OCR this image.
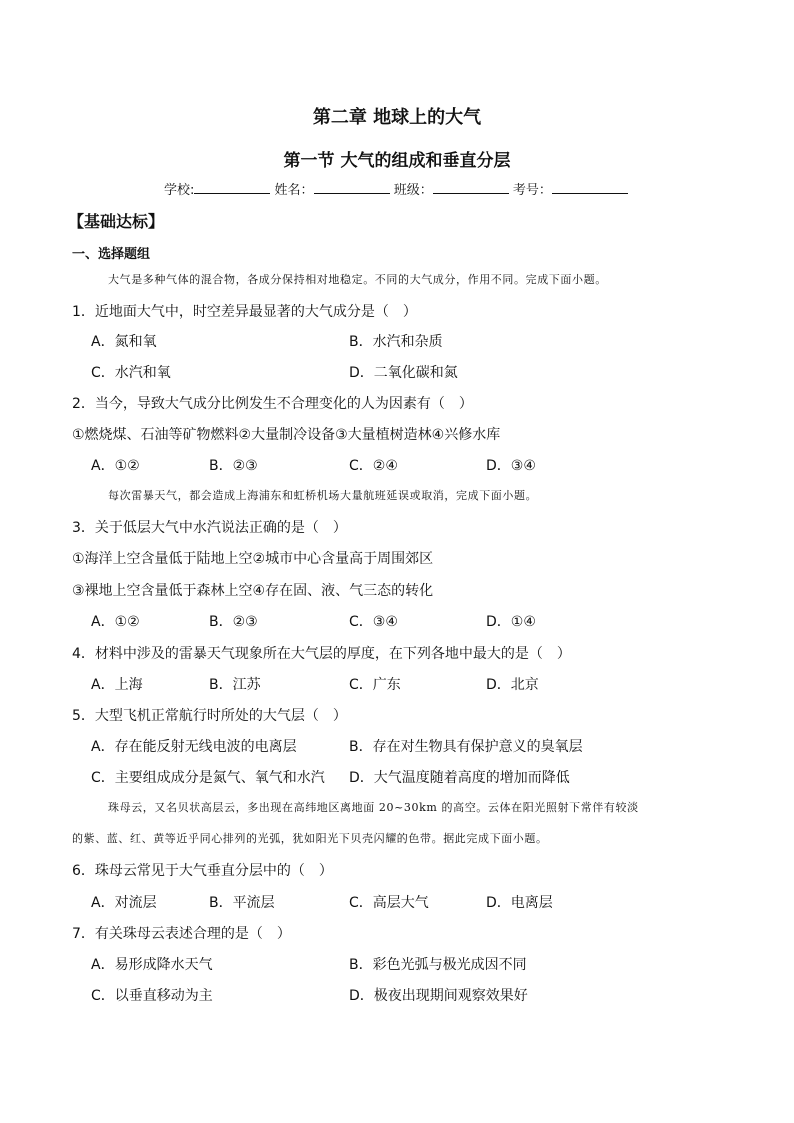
第二章 地球上的大气
第一节 大气的组成和垂直分层
学校:	姓名：	班级：	考号：
【基础达标】
一、选择题组
大气是多种气体的混合物，各成分保持相对地稳定。不同的大气成分，作用不同。完成下面小题。
1．近地面大气中，时空差异最显著的大气成分是（　）
A．氮和氧	B．水汽和杂质
C．水汽和氧	D．二氧化碳和氮
2．当今，导致大气成分比例发生不合理变化的人为因素有（　）
①燃烧煤、石油等矿物燃料②大量制冷设备③大量植树造林④兴修水库
A．①②	B．②③	C．②④	D．③④
每次雷暴天气，都会造成上海浦东和虹桥机场大量航班延误或取消，完成下面小题。
3．关于低层大气中水汽说法正确的是（　）
①海洋上空含量低于陆地上空②城市中心含量高于周围郊区
③裸地上空含量低于森林上空④存在固、液、气三态的转化
A．①②	B．②③	C．③④	D．①④
4．材料中涉及的雷暴天气现象所在大气层的厚度，在下列各地中最大的是（　）
A．上海	B．江苏	C．广东	D．北京
5．大型飞机正常航行时所处的大气层（　）
A．存在能反射无线电波的电离层	B．存在对生物具有保护意义的臭氧层
C．主要组成成分是氮气、氧气和水汽 D．大气温度随着高度的增加而降低
珠母云，又名贝状高层云，多出现在高纬地区离地面 20~30km 的高空。云体在阳光照射下常伴有较淡
的紫、蓝、红、黄等近乎同心排列的光弧，犹如阳光下贝壳闪耀的色带。据此完成下面小题。
6．珠母云常见于大气垂直分层中的（　）
A．对流层	B．平流层	C．高层大气	D．电离层
7．有关珠母云表述合理的是（　）
A．易形成降水天气	B．彩色光弧与极光成因不同
C．以垂直移动为主	D．极夜出现期间观察效果好
